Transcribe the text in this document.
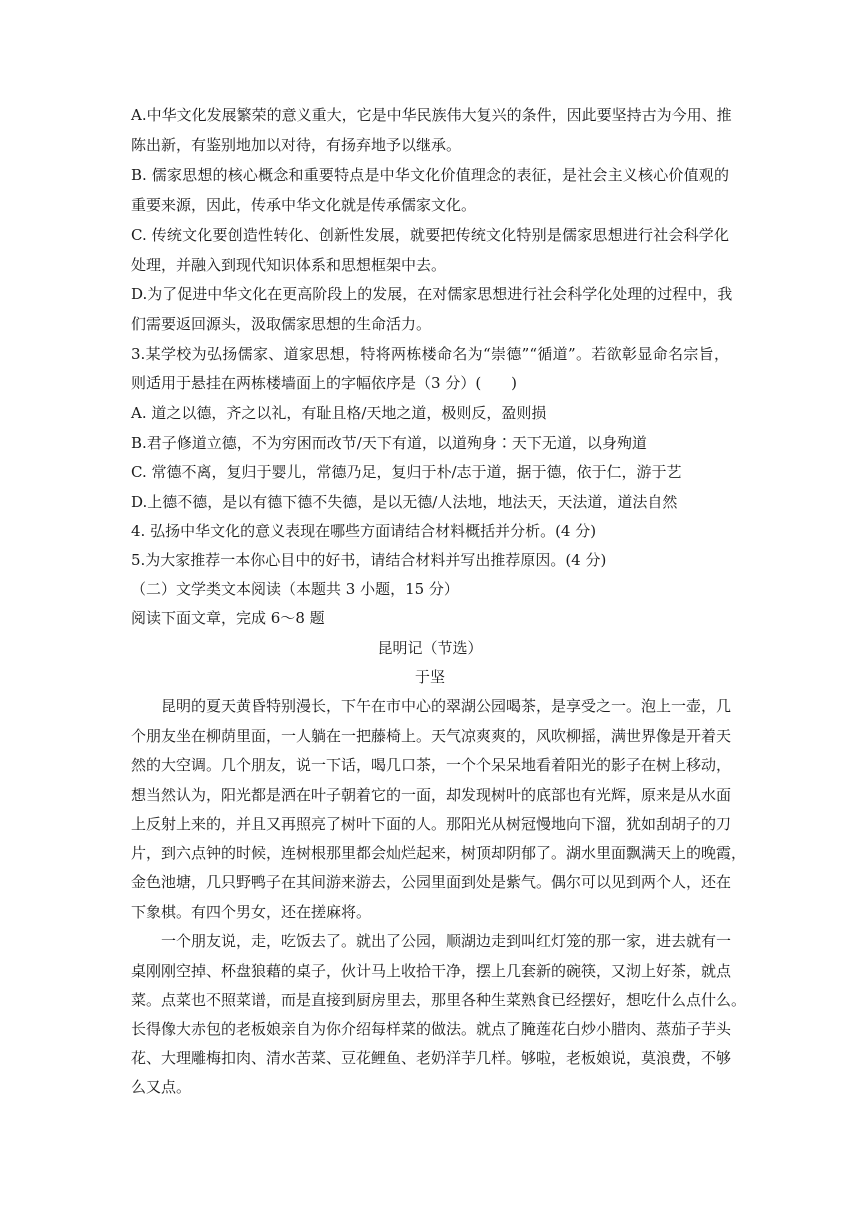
A.中华文化发展繁荣的意义重大，它是中华民族伟大复兴的条件，因此要坚持古为今用、推
陈出新，有鉴别地加以对待，有扬弃地予以继承。
B. 儒家思想的核心概念和重要特点是中华文化价值理念的表征，是社会主义核心价值观的
重要来源，因此，传承中华文化就是传承儒家文化。
C. 传统文化要创造性转化、创新性发展，就要把传统文化特别是儒家思想进行社会科学化
处理，并融入到现代知识体系和思想框架中去。
D.为了促进中华文化在更高阶段上的发展，在对儒家思想进行社会科学化处理的过程中，我
们需要返回源头，汲取儒家思想的生命活力。
3.某学校为弘扬儒家、道家思想，特将两栋楼命名为“崇德”“循道”。若欲彰显命名宗旨，
则适用于悬挂在两栋楼墙面上的字幅依序是（3 分）(　　)
A. 道之以德，齐之以礼，有耻且格/天地之道，极则反，盈则损
B.君子修道立德，不为穷困而改节/天下有道，以道殉身∶天下无道，以身殉道
C. 常德不离，复归于婴儿，常德乃足，复归于朴/志于道，据于德，依于仁，游于艺
D.上德不德，是以有德下德不失德，是以无德/人法地，地法天，天法道，道法自然
4. 弘扬中华文化的意义表现在哪些方面请结合材料概括并分析。(4 分)
5.为大家推荐一本你心目中的好书，请结合材料并写出推荐原因。(4 分)
（二）文学类文本阅读（本题共 3 小题，15 分）
阅读下面文章，完成 6～8 题
昆明记（节选）
于坚
　　昆明的夏天黄昏特别漫长，下午在市中心的翠湖公园喝茶，是享受之一。泡上一壶，几
个朋友坐在柳荫里面，一人躺在一把藤椅上。天气凉爽爽的，风吹柳摇，满世界像是开着天
然的大空调。几个朋友，说一下话，喝几口茶，一个个呆呆地看着阳光的影子在树上移动，
想当然认为，阳光都是洒在叶子朝着它的一面，却发现树叶的底部也有光辉，原来是从水面
上反射上来的，并且又再照亮了树叶下面的人。那阳光从树冠慢地向下溜，犹如刮胡子的刀
片，到六点钟的时候，连树根那里都会灿烂起来，树顶却阴郁了。湖水里面飘满天上的晚霞，
金色池塘，几只野鸭子在其间游来游去，公园里面到处是紫气。偶尔可以见到两个人，还在
下象棋。有四个男女，还在搓麻将。
　　一个朋友说，走，吃饭去了。就出了公园，顺湖边走到叫红灯笼的那一家，进去就有一
桌刚刚空掉、杯盘狼藉的桌子，伙计马上收拾干净，摆上几套新的碗筷，又沏上好茶，就点
菜。点菜也不照菜谱，而是直接到厨房里去，那里各种生菜熟食已经摆好，想吃什么点什么。
长得像大赤包的老板娘亲自为你介绍每样菜的做法。就点了腌莲花白炒小腊肉、蒸茄子芋头
花、大理雕梅扣肉、清水苦菜、豆花鲤鱼、老奶洋芋几样。够啦，老板娘说，莫浪费，不够
么又点。
